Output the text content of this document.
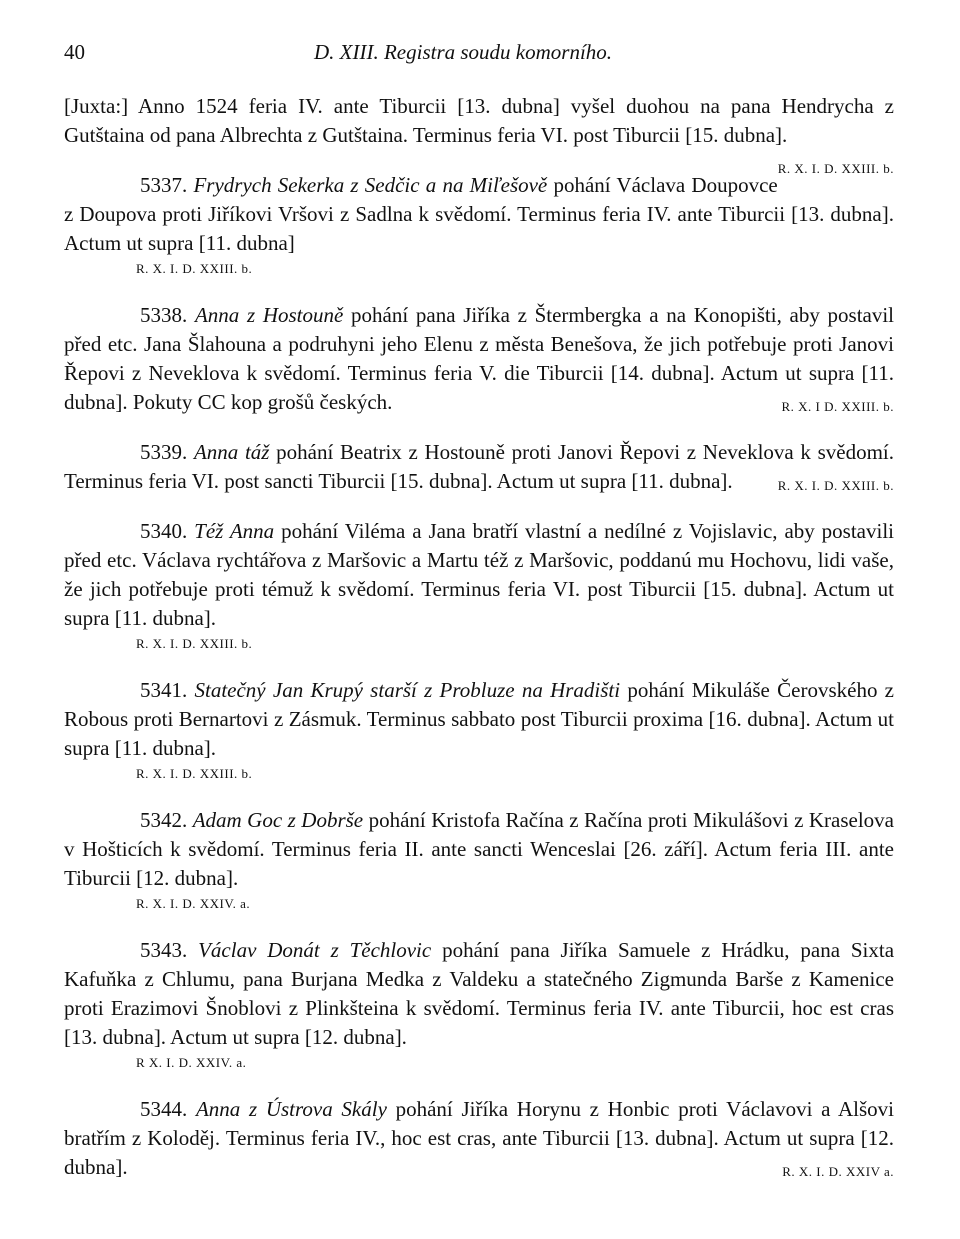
40	D. XIII. Registra soudu komorního.

[Juxta:] Anno 1524 feria IV. ante Tiburcii [13. dubna] vyšel duohou na pana Hendrycha z Gutštaina od pana Albrechta z Gutštaina. Terminus feria VI. post Tiburcii [15. dubna].
R. X. I. D. XXIII. b.

5337. Frydrych Sekerka z Sedčic a na Miľešově pohání Václava Doupovce z Doupova proti Jiříkovi Vršovi z Sadlna k svědomí. Terminus feria IV. ante Tiburcii [13. dubna]. Actum ut supra [11. dubna]
R. X. I. D. XXIII. b.

5338. Anna z Hostouně pohání pana Jiříka z Štermbergka a na Konopišti, aby postavil před etc. Jana Šlahouna a podruhyni jeho Elenu z města Benešova, že jich potřebuje proti Janovi Řepovi z Neveklova k svědomí. Terminus feria V. die Tiburcii [14. dubna]. Actum ut supra [11. dubna]. Pokuty CC kop grošů českých.	R. X. I D. XXIII. b.

5339. Anna táž pohání Beatrix z Hostouně proti Janovi Řepovi z Neveklova k svědomí. Terminus feria VI. post sancti Tiburcii [15. dubna]. Actum ut supra [11. dubna].	R. X. I. D. XXIII. b.

5340. Též Anna pohání Viléma a Jana bratří vlastní a nedílné z Vojislavic, aby postavili před etc. Václava rychtářova z Maršovic a Martu též z Maršovic, poddanú mu Hochovu, lidi vaše, že jich potřebuje proti témuž k svědomí. Terminus feria VI. post Tiburcii [15. dubna]. Actum ut supra [11. dubna].
R. X. I. D. XXIII. b.

5341. Statečný Jan Krupý starší z Probluze na Hradišti pohání Mikuláše Čerovského z Robous proti Bernartovi z Zásmuk. Terminus sabbato post Tiburcii proxima [16. dubna]. Actum ut supra [11. dubna].
R. X. I. D. XXIII. b.

5342. Adam Goc z Dobrše pohání Kristofa Račína z Račína proti Mikulášovi z Kraselova v Hošticích k svědomí. Terminus feria II. ante sancti Wenceslai [26. září]. Actum feria III. ante Tiburcii [12. dubna].
R. X. I. D. XXIV. a.

5343. Václav Donát z Těchlovic pohání pana Jiříka Samuele z Hrádku, pana Sixta Kafuňka z Chlumu, pana Burjana Medka z Valdeku a statečného Zigmunda Barše z Kamenice proti Erazimovi Šnoblovi z Plinkšteina k svědomí. Terminus feria IV. ante Tiburcii, hoc est cras [13. dubna]. Actum ut supra [12. dubna].
R X. I. D. XXIV. a.

5344. Anna z Ústrova Skály pohání Jiříka Horynu z Honbic proti Václavovi a Alšovi bratřím z Koloděj. Terminus feria IV., hoc est cras, ante Tiburcii [13. dubna]. Actum ut supra [12. dubna].	R. X. I. D. XXIV a.
